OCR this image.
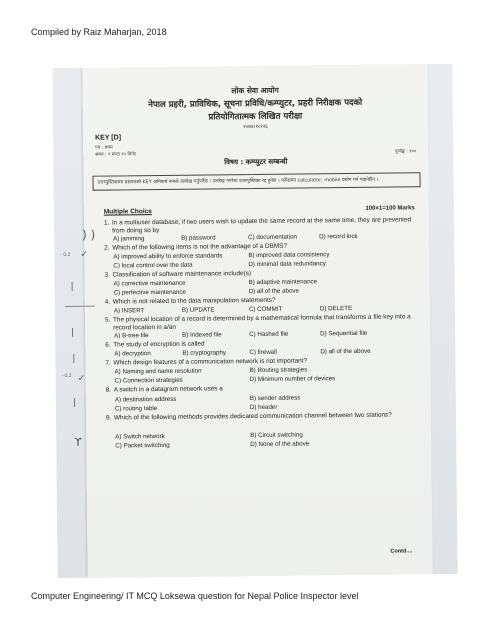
Compiled by Raiz Maharjan, 2018
लोक सेवा आयोग
नेपाल प्रहरी, प्राविधिक, सूचना प्रविधि/कम्प्युटर, प्रहरी निरीक्षक पदको
प्रतियोगितात्मक लिखित परीक्षा
२०७४।१०।२६
KEY [D]
पत्र : प्रथम
समय : १ घण्टा १५ मिनेट
पूर्णाङ्क : १००
विषय : कम्प्युटर सम्बन्धी
उत्तरपुस्तिकामा प्रश्नपत्रको KEY अनिवार्य रूपले उल्लेख गर्नुपर्नेछ । उल्लेख नगरेमा उत्तरपुस्तिका रद्द हुनेछ । परीक्षामा calculator, mobile प्रयोग गर्न पाइनेछैन ।
Multiple Choice	100×1=100 Marks
1. In a multiuser database, if two users wish to update the same record at the same time, they are prevented from doing so by
A) jamming	B) password	C) documentation	D) record lock
2. Which of the following items is not the advantage of a DBMS?
A) improved ability to enforce standards	B) improved data consistency
C) local control over the data	D) minimal data redundancy
3. Classification of software maintenance include(s)
A) corrective maintenance	B) adaptive maintenance
C) perfective maintenance	D) all of the above
4. Which is not related to the data manipulation statements?
A) INSERT	B) UPDATE	C) COMMIT	D) DELETE
5. The physical location of a record is determined by a mathematical formula that transforms a file key into a record location in a/an
A) B-tree file	B) Indexed file	C) Hashed file	D) Sequential file
6. The study of encryption is called
A) decryption	B) cryptography	C) firewall	D) all of the above
7. Which design features of a communication network is not important?
A) Naming and name resolution	B) Routing strategies
C) Connection strategies	D) Minimum number of devices
8. A switch in a datagram network uses a
A) destination address	B) sender address
C) routing table	D) header
9. Which of the following methods provides dedicated communication channel between two stations?
A) Switch network	B) Circuit switching
C) Packet switching	D) None of the above
Contd....
) )
- 0.2 ✓
|
|
|
- 0.2 ✓
|
ϒ
Computer Engineering/ IT MCQ Loksewa question for Nepal Police Inspector level
